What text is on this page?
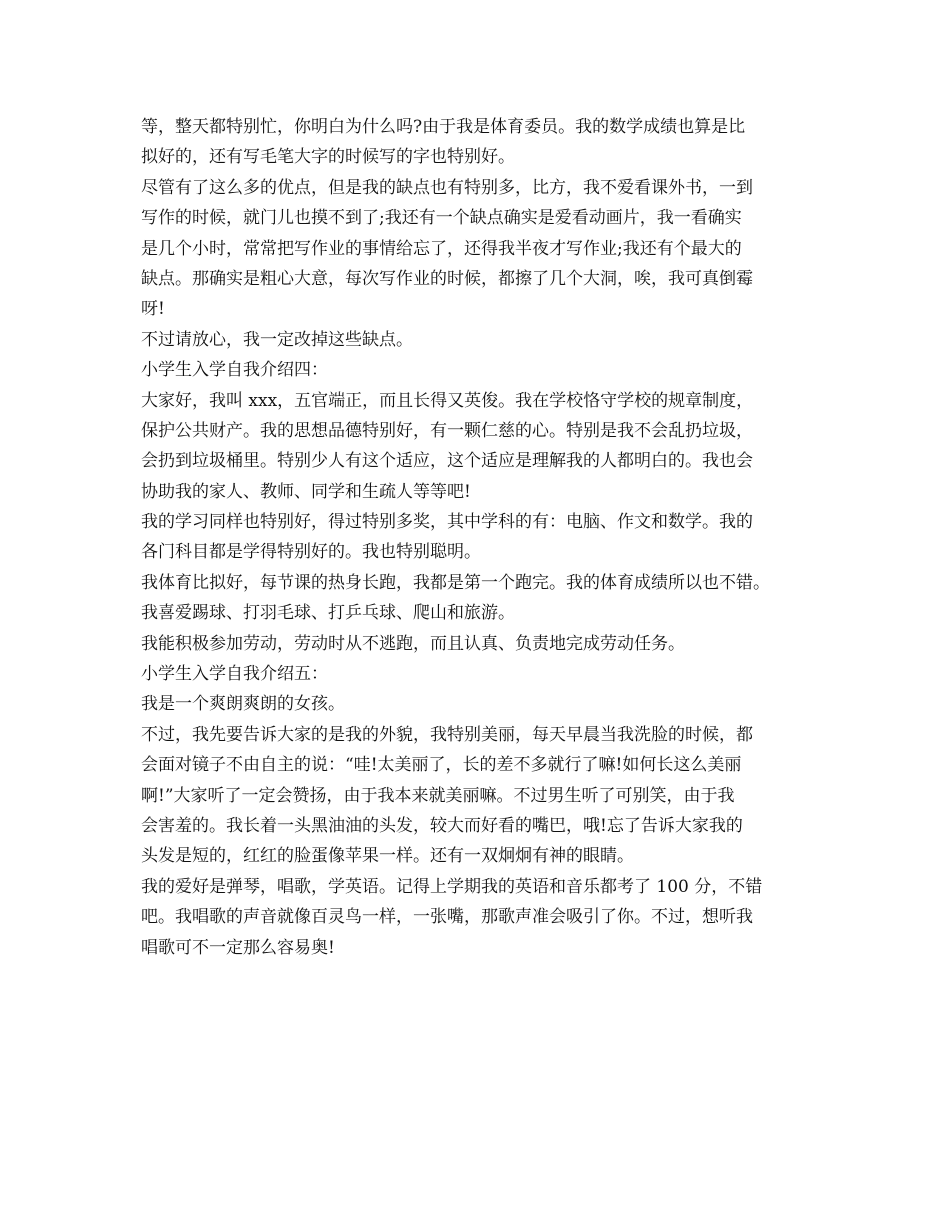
等，整天都特别忙，你明白为什么吗?由于我是体育委员。我的数学成绩也算是比
拟好的，还有写毛笔大字的时候写的字也特别好。
尽管有了这么多的优点，但是我的缺点也有特别多，比方，我不爱看课外书，一到
写作的时候，就门儿也摸不到了;我还有一个缺点确实是爱看动画片，我一看确实
是几个小时，常常把写作业的事情给忘了，还得我半夜才写作业;我还有个最大的
缺点。那确实是粗心大意，每次写作业的时候，都擦了几个大洞，唉，我可真倒霉
呀!
不过请放心，我一定改掉这些缺点。
小学生入学自我介绍四：
大家好，我叫 xxx，五官端正，而且长得又英俊。我在学校恪守学校的规章制度，
保护公共财产。我的思想品德特别好，有一颗仁慈的心。特别是我不会乱扔垃圾，
会扔到垃圾桶里。特别少人有这个适应，这个适应是理解我的人都明白的。我也会
协助我的家人、教师、同学和生疏人等等吧!
我的学习同样也特别好，得过特别多奖，其中学科的有：电脑、作文和数学。我的
各门科目都是学得特别好的。我也特别聪明。
我体育比拟好，每节课的热身长跑，我都是第一个跑完。我的体育成绩所以也不错。
我喜爱踢球、打羽毛球、打乒乓球、爬山和旅游。
我能积极参加劳动，劳动时从不逃跑，而且认真、负责地完成劳动任务。
小学生入学自我介绍五：
我是一个爽朗爽朗的女孩。
不过，我先要告诉大家的是我的外貌，我特别美丽，每天早晨当我洗脸的时候，都
会面对镜子不由自主的说：“哇!太美丽了，长的差不多就行了嘛!如何长这么美丽
啊!”大家听了一定会赞扬，由于我本来就美丽嘛。不过男生听了可别笑，由于我
会害羞的。我长着一头黑油油的头发，较大而好看的嘴巴，哦!忘了告诉大家我的
头发是短的，红红的脸蛋像苹果一样。还有一双炯炯有神的眼睛。
我的爱好是弹琴，唱歌，学英语。记得上学期我的英语和音乐都考了 100 分，不错
吧。我唱歌的声音就像百灵鸟一样，一张嘴，那歌声准会吸引了你。不过，想听我
唱歌可不一定那么容易奥!
